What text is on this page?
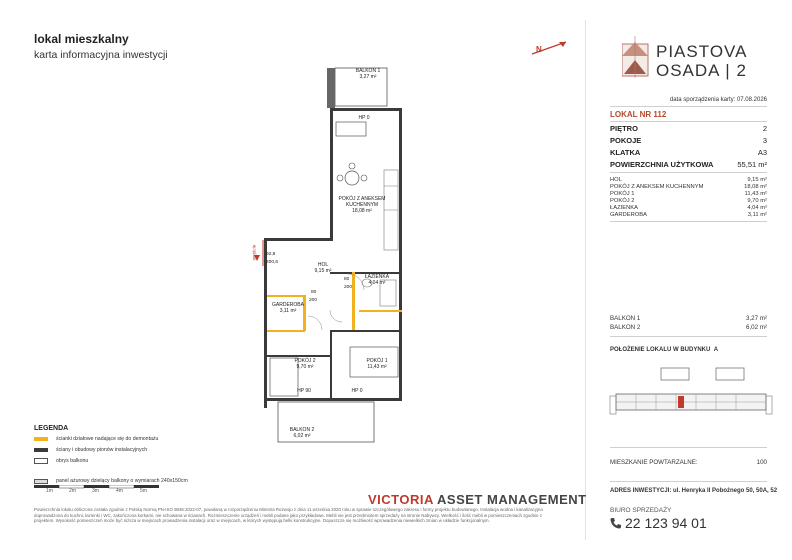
lokal mieszkalny
karta informacyjna inwestycji	N	PIASTOVA
OSADA | 2
data sporządzenia karty: 07.08.2026
LOKAL NR 112
PIĘTRO	2
POKOJE	3
KLATKA	A3
POWIERZCHNIA UŻYTKOWA	55,51 m²
HOL	9,15 m²
POKÓJ Z ANEKSEM KUCHENNYM	18,08 m²
POKÓJ 1	11,43 m²
POKÓJ 2	9,70 m²
ŁAZIENKA	4,04 m²
GARDEROBA	3,11 m²
BALKON 1	3,27 m²
BALKON 2	6,02 m²
POŁOŻENIE LOKALU W BUDYNKU A
MIESZKANIE POWTARZALNE:	100
ADRES INWESTYCJI: ul. Henryka II Pobożnego 50, 50A, 52
BIURO SPRZEDAŻY
22 123 94 01
BALKON 1
3,27 m²
HP 0
POKÓJ Z ANEKSEM
KUCHENNYM
18,08 m²
HOL
9,15 m²
ŁAZIENKA
4,04 m²
GARDEROBA
3,11 m²
POKÓJ 1
11,43 m²
POKÓJ 2
9,70 m²
HP 0
HP 90
BALKON 2
6,02 m²
wejście 92,8
200,6
80
200
80
200
LEGENDA
ścianki działowe nadające się do demontażu
ściany i obudowy pionów instalacyjnych
obrys balkonu
panel ażurowy dzielący balkony o wymiarach 240x150cm
1m	2m	3m	4m	5m
VICTORIA ASSET MANAGEMENT
Powierzchnia lokalu obliczona została zgodnie z Polską Normą PN-ISO 9836:2022-07, powołaną w rozporządzeniu Ministra Rozwoju z dnia 11 września 2020 roku w sprawie szczegółowego zakresu i formy projektu budowlanego. Instalacja wodna i kanalizacyjna doprowadzona do kuchni, łazienki i WC, zakończona korkami, nie schowana w ścianach. Rozmieszczenie urządzeń i mebli podane jako przykładowe. Mebli nie jest przedmiotem sprzedaży na stronie Nabywcy. Wielkość i ilość mebli w pomieszczeniach zgodnie z projektem. Wysokość pomieszczeń może być niższa w miejscach prowadzenia instalacji oraz w miejscach, w których występują belki konstrukcyjne. Dopuszcza się możliwość wprowadzenia niewielkich zmian w układzie funkcjonalnym.
